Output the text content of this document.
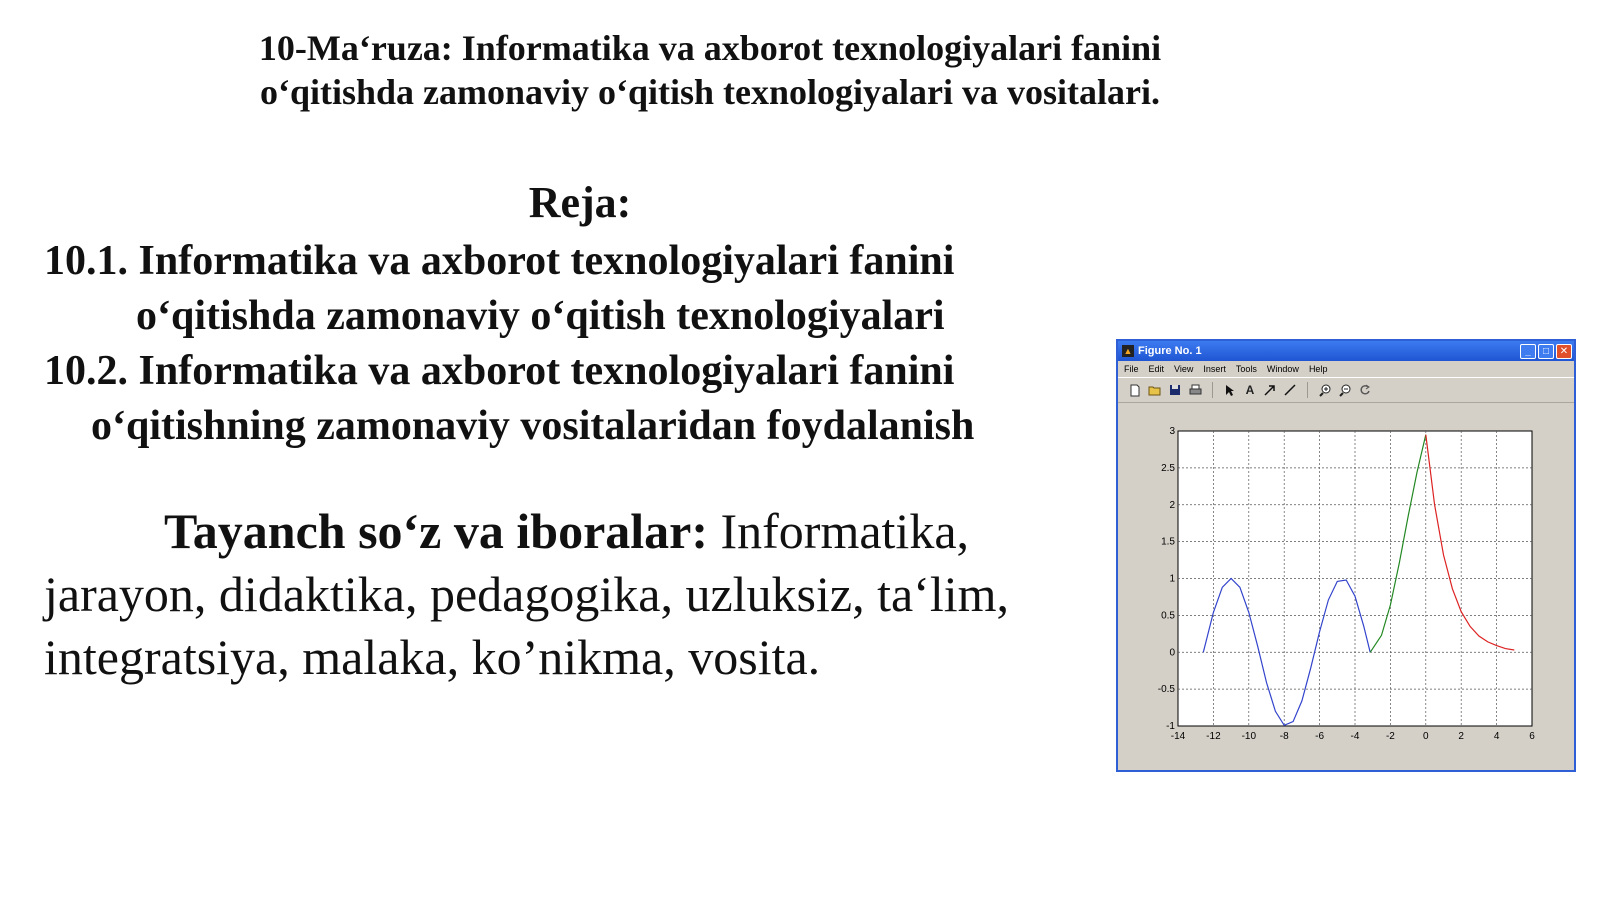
10-Ma‘ruza: Informatika va axborot texnologiyalari fanini
o‘qitishda zamonaviy o‘qitish texnologiyalari va vositalari.
Reja:
10.1. Informatika va axborot texnologiyalari fanini
o‘qitishda zamonaviy o‘qitish texnologiyalari
10.2. Informatika va axborot texnologiyalari fanini
o‘qitishning zamonaviy vositalaridan foydalanish
Tayanch so‘z va iboralar: Informatika,
jarayon, didaktika, pedagogika, uzluksiz, ta‘lim,
integratsiya, malaka, ko’nikma, vosita.
▲ Figure No. 1	_	□	✕
File Edit View Insert Tools Window Help
A
-14 -12 -10 -8	-6	-4	-2	0	2	4	6
-1
-0.5
0
0.5
1
1.5
2
2.5
3
